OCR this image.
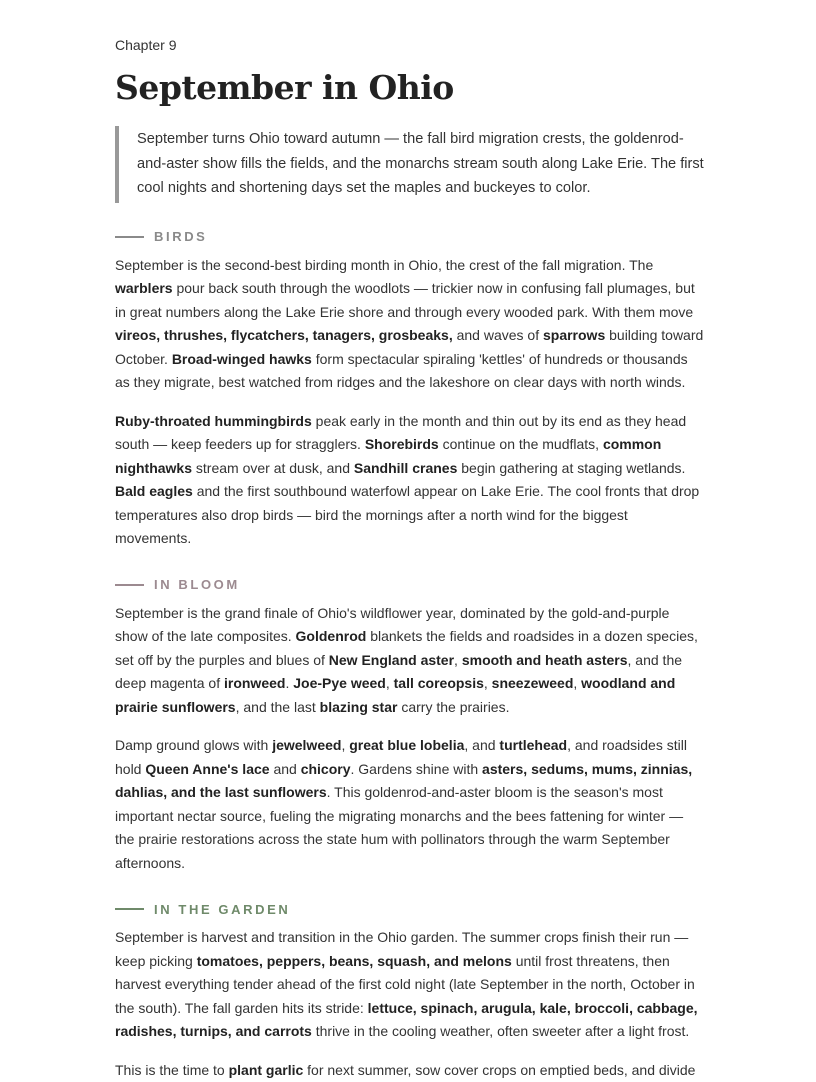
Chapter 9
September in Ohio
September turns Ohio toward autumn — the fall bird migration crests, the goldenrod-and-aster show fills the fields, and the monarchs stream south along Lake Erie. The first cool nights and shortening days set the maples and buckeyes to color.
BIRDS

September is the second-best birding month in Ohio, the crest of the fall migration. The warblers pour back south through the woodlots — trickier now in confusing fall plumages, but in great numbers along the Lake Erie shore and through every wooded park. With them move vireos, thrushes, flycatchers, tanagers, grosbeaks, and waves of sparrows building toward October. Broad-winged hawks form spectacular spiraling 'kettles' of hundreds or thousands as they migrate, best watched from ridges and the lakeshore on clear days with north winds.

Ruby-throated hummingbirds peak early in the month and thin out by its end as they head south — keep feeders up for stragglers. Shorebirds continue on the mudflats, common nighthawks stream over at dusk, and Sandhill cranes begin gathering at staging wetlands. Bald eagles and the first southbound waterfowl appear on Lake Erie. The cool fronts that drop temperatures also drop birds — bird the mornings after a north wind for the biggest movements.

IN BLOOM

September is the grand finale of Ohio's wildflower year, dominated by the gold-and-purple show of the late composites. Goldenrod blankets the fields and roadsides in a dozen species, set off by the purples and blues of New England aster, smooth and heath asters, and the deep magenta of ironweed. Joe-Pye weed, tall coreopsis, sneezeweed, woodland and prairie sunflowers, and the last blazing star carry the prairies.

Damp ground glows with jewelweed, great blue lobelia, and turtlehead, and roadsides still hold Queen Anne's lace and chicory. Gardens shine with asters, sedums, mums, zinnias, dahlias, and the last sunflowers. This goldenrod-and-aster bloom is the season's most important nectar source, fueling the migrating monarchs and the bees fattening for winter — the prairie restorations across the state hum with pollinators through the warm September afternoons.

IN THE GARDEN

September is harvest and transition in the Ohio garden. The summer crops finish their run — keep picking tomatoes, peppers, beans, squash, and melons until frost threatens, then harvest everything tender ahead of the first cold night (late September in the north, October in the south). The fall garden hits its stride: lettuce, spinach, arugula, kale, broccoli, cabbage, radishes, turnips, and carrots thrive in the cooling weather, often sweeter after a light frost.

This is the time to plant garlic for next summer, sow cover crops on emptied beds, and divide
